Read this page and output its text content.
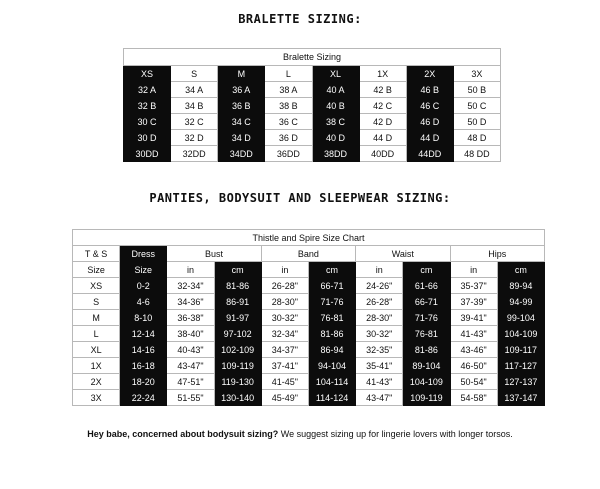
BRALETTE SIZING:
Bralette Sizing							
XS	S	M	L	XL	1X	2X	3X
32 A	34 A	36 A	38 A	40 A	42 B	46 B	50 B
32 B	34 B	36 B	38 B	40 B	42 C	46 C	50 C
30 C	32 C	34 C	36 C	38 C	42 D	46 D	50 D
30 D	32 D	34 D	36 D	40 D	44 D	44 D	48 D
30DD	32DD	34DD	36DD	38DD	40DD	44DD	48 DD
PANTIES, BODYSUIT AND SLEEPWEAR SIZING:
Thistle and Spire Size Chart									
T & S	Dress	Bust		Band		Waist		Hips	
Size	Size	in	cm	in	cm	in	cm	in	cm
XS	0-2	32-34"	81-86	26-28"	66-71	24-26"	61-66	35-37"	89-94
S	4-6	34-36"	86-91	28-30"	71-76	26-28"	66-71	37-39"	94-99
M	8-10	36-38"	91-97	30-32"	76-81	28-30"	71-76	39-41"	99-104
L	12-14	38-40"	97-102	32-34"	81-86	30-32"	76-81	41-43"	104-109
XL	14-16	40-43"	102-109	34-37"	86-94	32-35"	81-86	43-46"	109-117
1X	16-18	43-47"	109-119	37-41"	94-104	35-41"	89-104	46-50"	117-127
2X	18-20	47-51"	119-130	41-45"	104-114	41-43"	104-109	50-54"	127-137
3X	22-24	51-55"	130-140	45-49"	114-124	43-47"	109-119	54-58"	137-147
Hey babe, concerned about bodysuit sizing? We suggest sizing up for lingerie lovers with longer torsos.
